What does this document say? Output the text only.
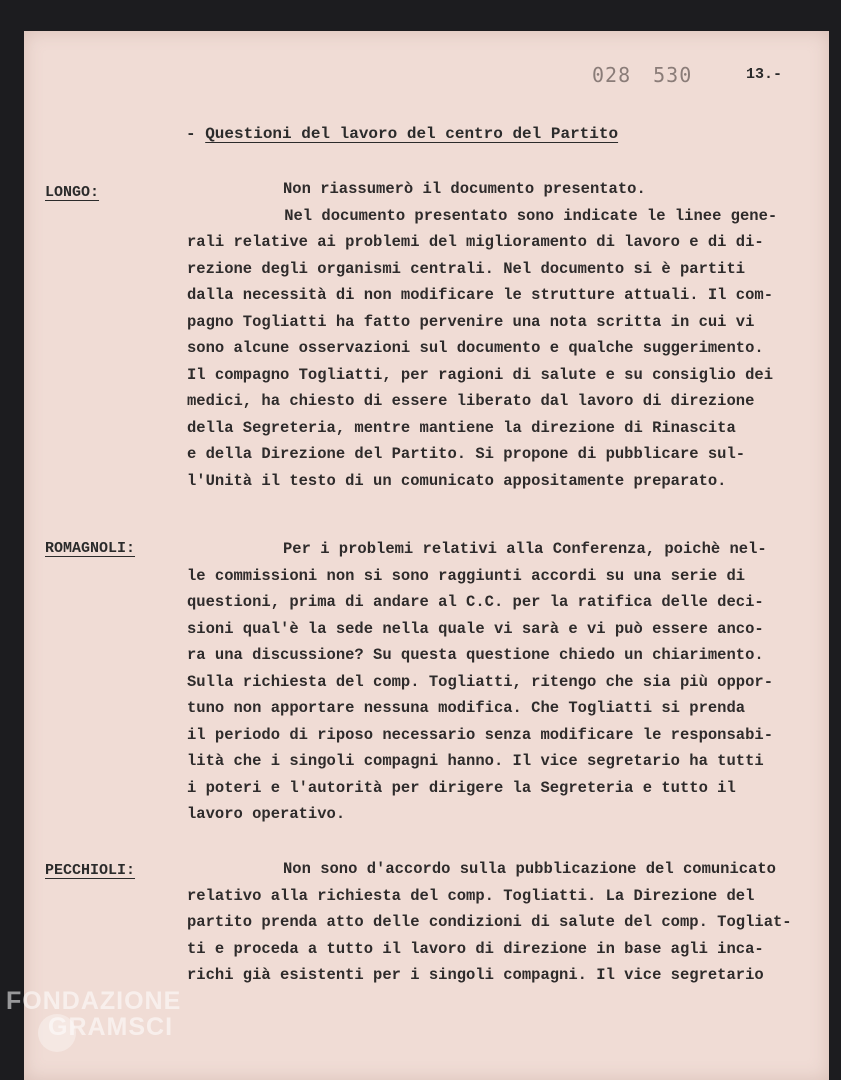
028 530	13.-
- Questioni del lavoro del centro del Partito
LONGO:	Non riassumerò il documento presentato.
Nel documento presentato sono indicate le linee gene-
rali relative ai problemi del miglioramento di lavoro e di di-
rezione degli organismi centrali. Nel documento si è partiti
dalla necessità di non modificare le strutture attuali. Il com-
pagno Togliatti ha fatto pervenire una nota scritta in cui vi
sono alcune osservazioni sul documento e qualche suggerimento.
Il compagno Togliatti, per ragioni di salute e su consiglio dei
medici, ha chiesto di essere liberato dal lavoro di direzione
della Segreteria, mentre mantiene la direzione di Rinascita
e della Direzione del Partito. Si propone di pubblicare sul-
l'Unità il testo di un comunicato appositamente preparato.
ROMAGNOLI:	Per i problemi relativi alla Conferenza, poichè nel-
le commissioni non si sono raggiunti accordi su una serie di
questioni, prima di andare al C.C. per la ratifica delle deci-
sioni qual'è la sede nella quale vi sarà e vi può essere anco-
ra una discussione? Su questa questione chiedo un chiarimento.
Sulla richiesta del comp. Togliatti, ritengo che sia più oppor-
tuno non apportare nessuna modifica. Che Togliatti si prenda
il periodo di riposo necessario senza modificare le responsabi-
lità che i singoli compagni hanno. Il vice segretario ha tutti
i poteri e l'autorità per dirigere la Segreteria e tutto il
lavoro operativo.
PECCHIOLI:	Non sono d'accordo sulla pubblicazione del comunicato
relativo alla richiesta del comp. Togliatti. La Direzione del
partito prenda atto delle condizioni di salute del comp. Togliat-
ti e proceda a tutto il lavoro di direzione in base agli inca-
richi già esistenti per i singoli compagni. Il vice segretario
FONDAZIONE
GRAMSCI
